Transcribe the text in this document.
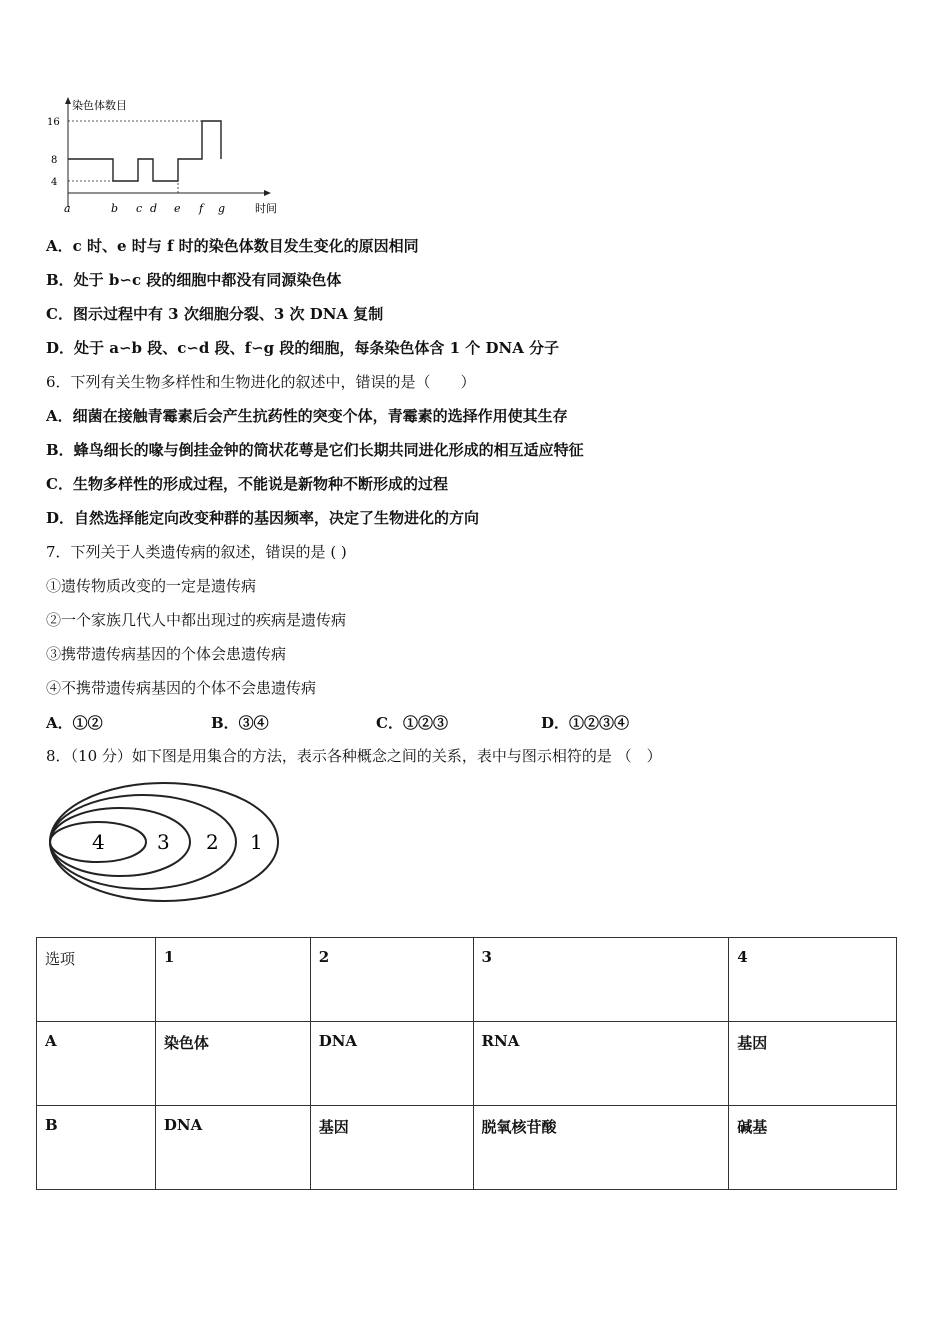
染色体数目
时间
16
8
4
a	b c d e f g
A．c 时、e 时与 f 时的染色体数目发生变化的原因相同
B．处于 b∽c 段的细胞中都没有同源染色体
C．图示过程中有 3 次细胞分裂、3 次 DNA 复制
D．处于 a∽b 段、c∽d 段、f∽g 段的细胞，每条染色体含 1 个 DNA 分子
6．下列有关生物多样性和生物进化的叙述中，错误的是（　　）
A．细菌在接触青霉素后会产生抗药性的突变个体，青霉素的选择作用使其生存
B．蜂鸟细长的喙与倒挂金钟的筒状花萼是它们长期共同进化形成的相互适应特征
C．生物多样性的形成过程，不能说是新物种不断形成的过程
D．自然选择能定向改变种群的基因频率，决定了生物进化的方向
7．下列关于人类遗传病的叙述，错误的是 ( )
①遗传物质改变的一定是遗传病
②一个家族几代人中都出现过的疾病是遗传病
③携带遗传病基因的个体会患遗传病
④不携带遗传病基因的个体不会患遗传病
A．①②	B．③④	C．①②③	D．①②③④
8．（10 分）如下图是用集合的方法，表示各种概念之间的关系，表中与图示相符的是 （　）
4	3 2 1
选项	1	2	3	4
A	染色体	DNA	RNA	基因
B	DNA	基因	脱氧核苷酸	碱基
